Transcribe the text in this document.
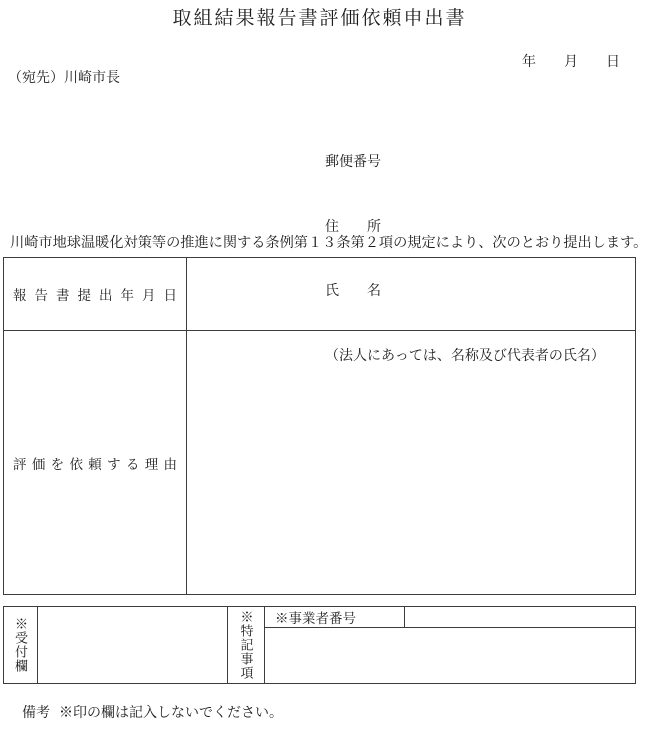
取組結果報告書評価依頼申出書
年　　月　　日
（宛先）川崎市長

郵便番号

住　　所

氏　　名

（法人にあっては、名称及び代表者の氏名）

川崎市地球温暖化対策等の推進に関する条例第１３条第２項の規定により、次のとおり提出します。
報 告 書 提 出 年 月 日
評 価 を 依 頼 す る 理 由
※受付欄	※特記事項	※事業者番号

備考 ※印の欄は記入しないでください。
